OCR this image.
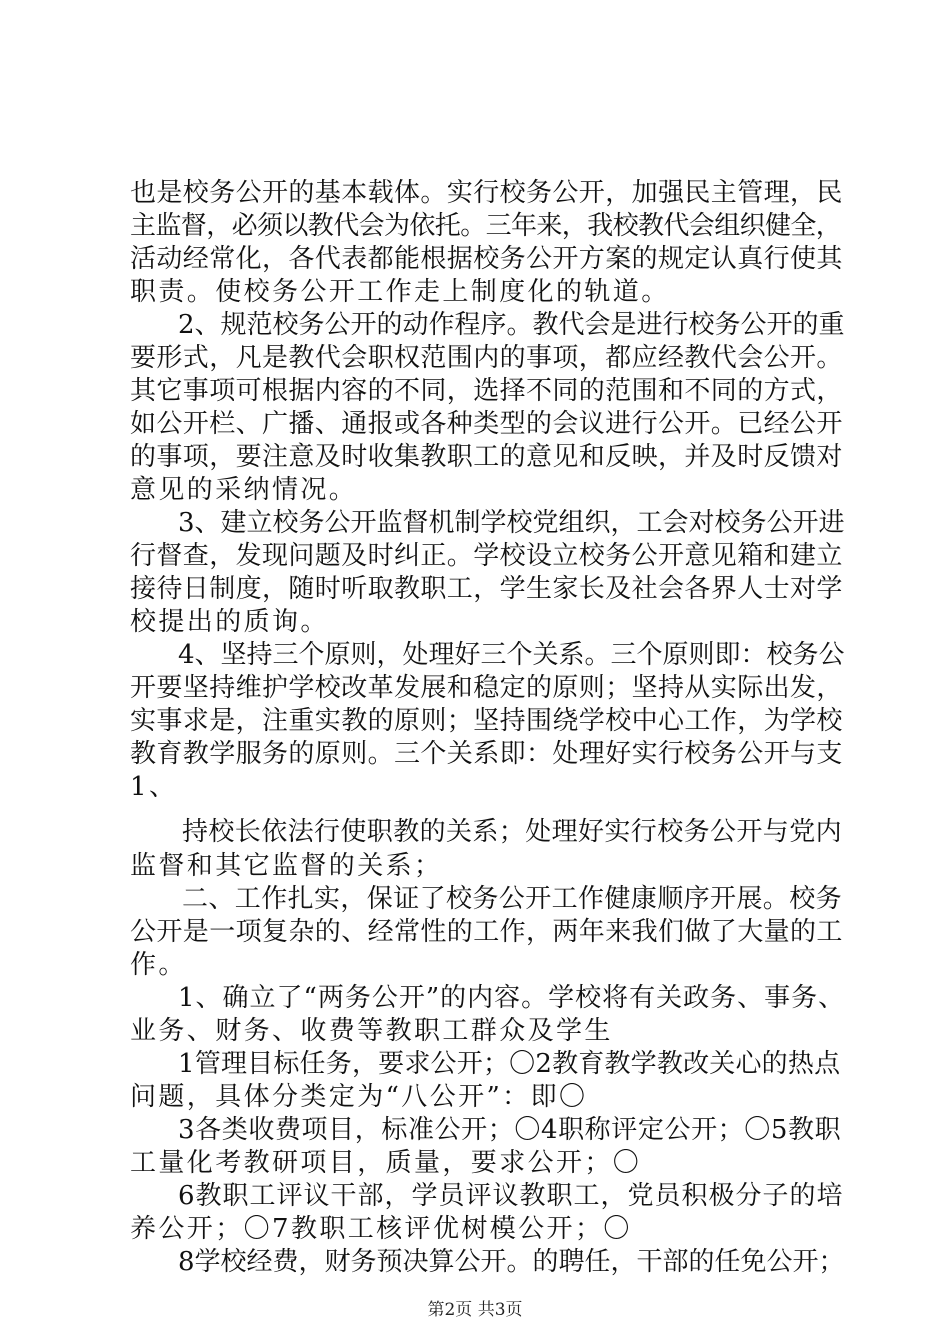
也是校务公开的基本载体。实行校务公开，加强民主管理，民
主监督，必须以教代会为依托。三年来，我校教代会组织健全，
活动经常化，各代表都能根据校务公开方案的规定认真行使其
职责。使校务公开工作走上制度化的轨道。
2、规范校务公开的动作程序。教代会是进行校务公开的重
要形式，凡是教代会职权范围内的事项，都应经教代会公开。
其它事项可根据内容的不同，选择不同的范围和不同的方式，
如公开栏、广播、通报或各种类型的会议进行公开。已经公开
的事项，要注意及时收集教职工的意见和反映，并及时反馈对
意见的采纳情况。
3、建立校务公开监督机制学校党组织，工会对校务公开进
行督查，发现问题及时纠正。学校设立校务公开意见箱和建立
接待日制度，随时听取教职工，学生家长及社会各界人士对学
校提出的质询。
4、坚持三个原则，处理好三个关系。三个原则即：校务公
开要坚持维护学校改革发展和稳定的原则；坚持从实际出发，
实事求是，注重实教的原则；坚持围绕学校中心工作，为学校
教育教学服务的原则。三个关系即：处理好实行校务公开与支
1、
持校长依法行使职教的关系；处理好实行校务公开与党内
监督和其它监督的关系；
二、工作扎实，保证了校务公开工作健康顺序开展。校务
公开是一项复杂的、经常性的工作，两年来我们做了大量的工
作。
1、确立了“两务公开”的内容。学校将有关政务、事务、
业务、财务、收费等教职工群众及学生
1管理目标任务，要求公开；〇2教育教学教改关心的热点
问题，具体分类定为“八公开”：即〇
3各类收费项目，标准公开；〇4职称评定公开；〇5教职
工量化考教研项目，质量，要求公开；〇
6教职工评议干部，学员评议教职工，党员积极分子的培
养公开；〇7教职工核评优树模公开；〇
8学校经费，财务预决算公开。的聘任，干部的任免公开；
第2页 共3页
